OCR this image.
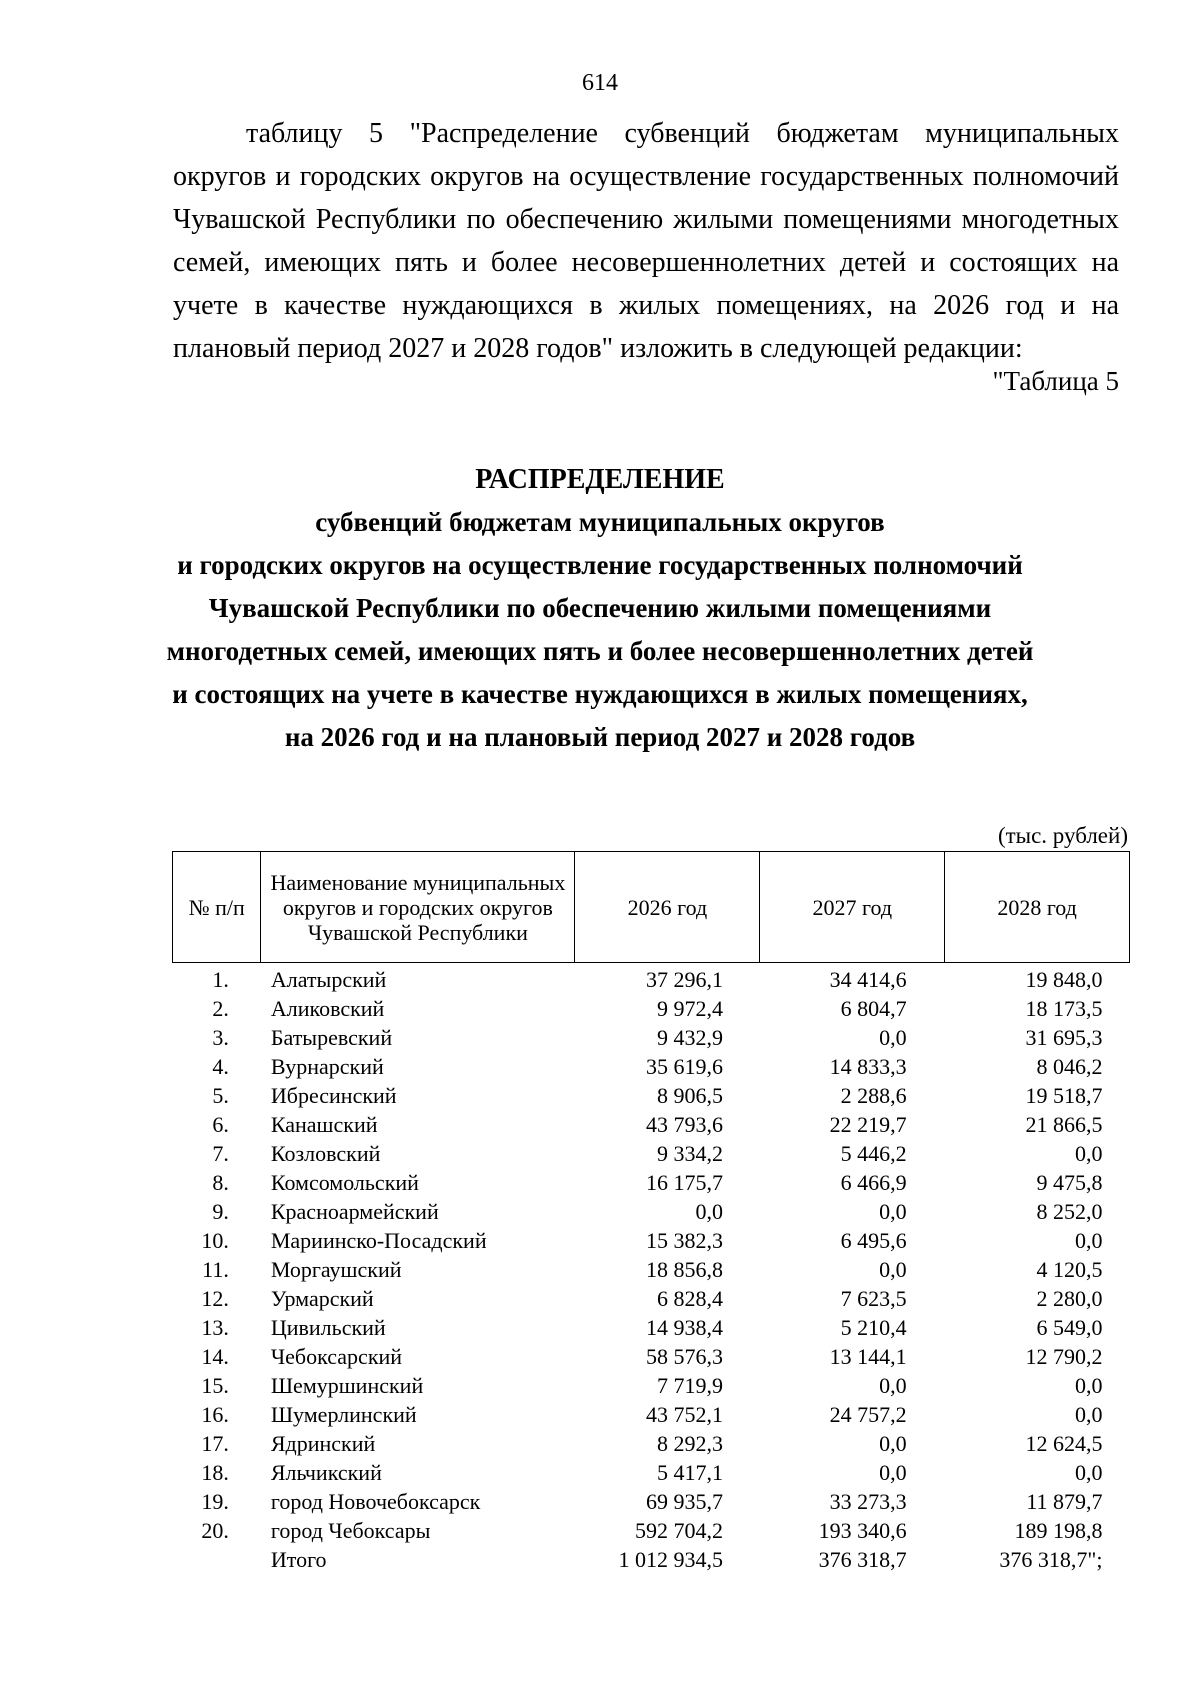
614

таблицу 5 "Распределение субвенций бюджетам муниципальных округов и городских округов на осуществление государственных полномочий Чувашской Республики по обеспечению жилыми помещениями многодетных семей, имеющих пять и более несовершеннолетних детей и состоящих на учете в качестве нуждающихся в жилых помещениях, на 2026 год и на плановый период 2027 и 2028 годов" изложить в следующей редакции:

"Таблица 5
РАСПРЕДЕЛЕНИЕ
субвенций бюджетам муниципальных округов
и городских округов на осуществление государственных полномочий
Чувашской Республики по обеспечению жилыми помещениями
многодетных семей, имеющих пять и более несовершеннолетних детей
и состоящих на учете в качестве нуждающихся в жилых помещениях,
на 2026 год и на плановый период 2027 и 2028 годов
(тыс. рублей)
№ п/п	Наименование муниципальных округов и городских округов Чувашской Республики	2026 год	2027 год	2028 год
1.	Алатырский	37 296,1	34 414,6	19 848,0
2.	Аликовский	9 972,4	6 804,7	18 173,5
3.	Батыревский	9 432,9	0,0	31 695,3
4.	Вурнарский	35 619,6	14 833,3	8 046,2
5.	Ибресинский	8 906,5	2 288,6	19 518,7
6.	Канашский	43 793,6	22 219,7	21 866,5
7.	Козловский	9 334,2	5 446,2	0,0
8.	Комсомольский	16 175,7	6 466,9	9 475,8
9.	Красноармейский	0,0	0,0	8 252,0
10.	Мариинско-Посадский	15 382,3	6 495,6	0,0
11.	Моргаушский	18 856,8	0,0	4 120,5
12.	Урмарский	6 828,4	7 623,5	2 280,0
13.	Цивильский	14 938,4	5 210,4	6 549,0
14.	Чебоксарский	58 576,3	13 144,1	12 790,2
15.	Шемуршинский	7 719,9	0,0	0,0
16.	Шумерлинский	43 752,1	24 757,2	0,0
17.	Ядринский	8 292,3	0,0	12 624,5
18.	Яльчикский	5 417,1	0,0	0,0
19.	город Новочебоксарск	69 935,7	33 273,3	11 879,7
20.	город Чебоксары	592 704,2	193 340,6	189 198,8
	Итого	1 012 934,5	376 318,7	376 318,7";
